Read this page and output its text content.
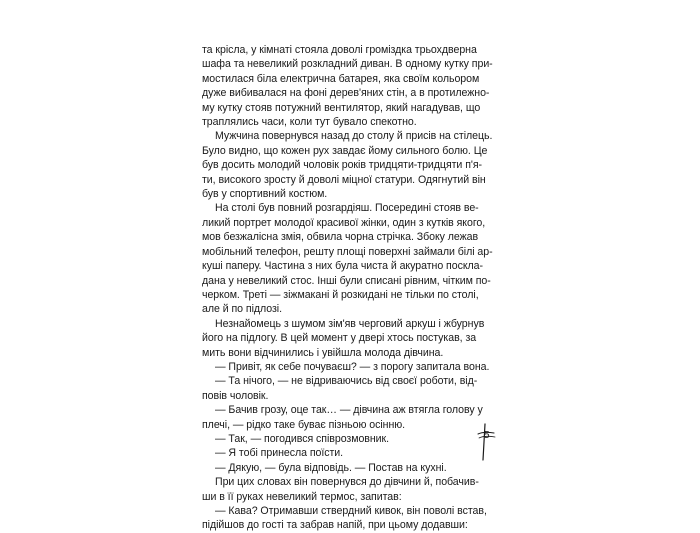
та крісла, у кімнаті стояла доволі громіздка трьохдверна
шафа та невеликий розкладний диван. В одному кутку при-
мостилася біла електрична батарея, яка своїм кольором
дуже вибивалася на фоні дерев'яних стін, а в протилежно-
му кутку стояв потужний вентилятор, який нагадував, що
траплялись часи, коли тут бувало спекотно.

Мужчина повернувся назад до столу й присів на стілець.
Було видно, що кожен рух завдає йому сильного болю. Це
був досить молодий чоловік років тридцяти-тридцяти п'я-
ти, високого зросту й доволі міцної статури. Одягнутий він
був у спортивний костюм.

На столі був повний розгардіяш. Посередині стояв ве-
ликий портрет молодої красивої жінки, один з кутків якого,
мов безжалісна змія, обвила чорна стрічка. Збоку лежав
мобільний телефон, решту площі поверхні займали білі ар-
куші паперу. Частина з них була чиста й акуратно поскла-
дана у невеликий стос. Інші були списані рівним, чітким по-
черком. Треті — зіжмакані й розкидані не тільки по столі,
але й по підлозі.

Незнайомець з шумом зім'яв черговий аркуш і жбурнув
його на підлогу. В цей момент у двері хтось постукав, за
мить вони відчинились і увійшла молода дівчина.

— Привіт, як себе почуваєш? — з порогу запитала вона.

— Та нічого, — не відриваючись від своєї роботи, від-
повів чоловік.

— Бачив грозу, оце так… — дівчина аж втягла голову у
плечі, — рідко таке буває пізньою осінню.

— Так, — погодився співрозмовник.

— Я тобі принесла поїсти.

— Дякую, — була відповідь. — Постав на кухні.

При цих словах він повернувся до дівчини й, побачив-
ши в її руках невеликий термос, запитав:

— Кава? Отримавши ствердний кивок, він поволі встав,
підійшов до гості та забрав напій, при цьому додавши:

5
